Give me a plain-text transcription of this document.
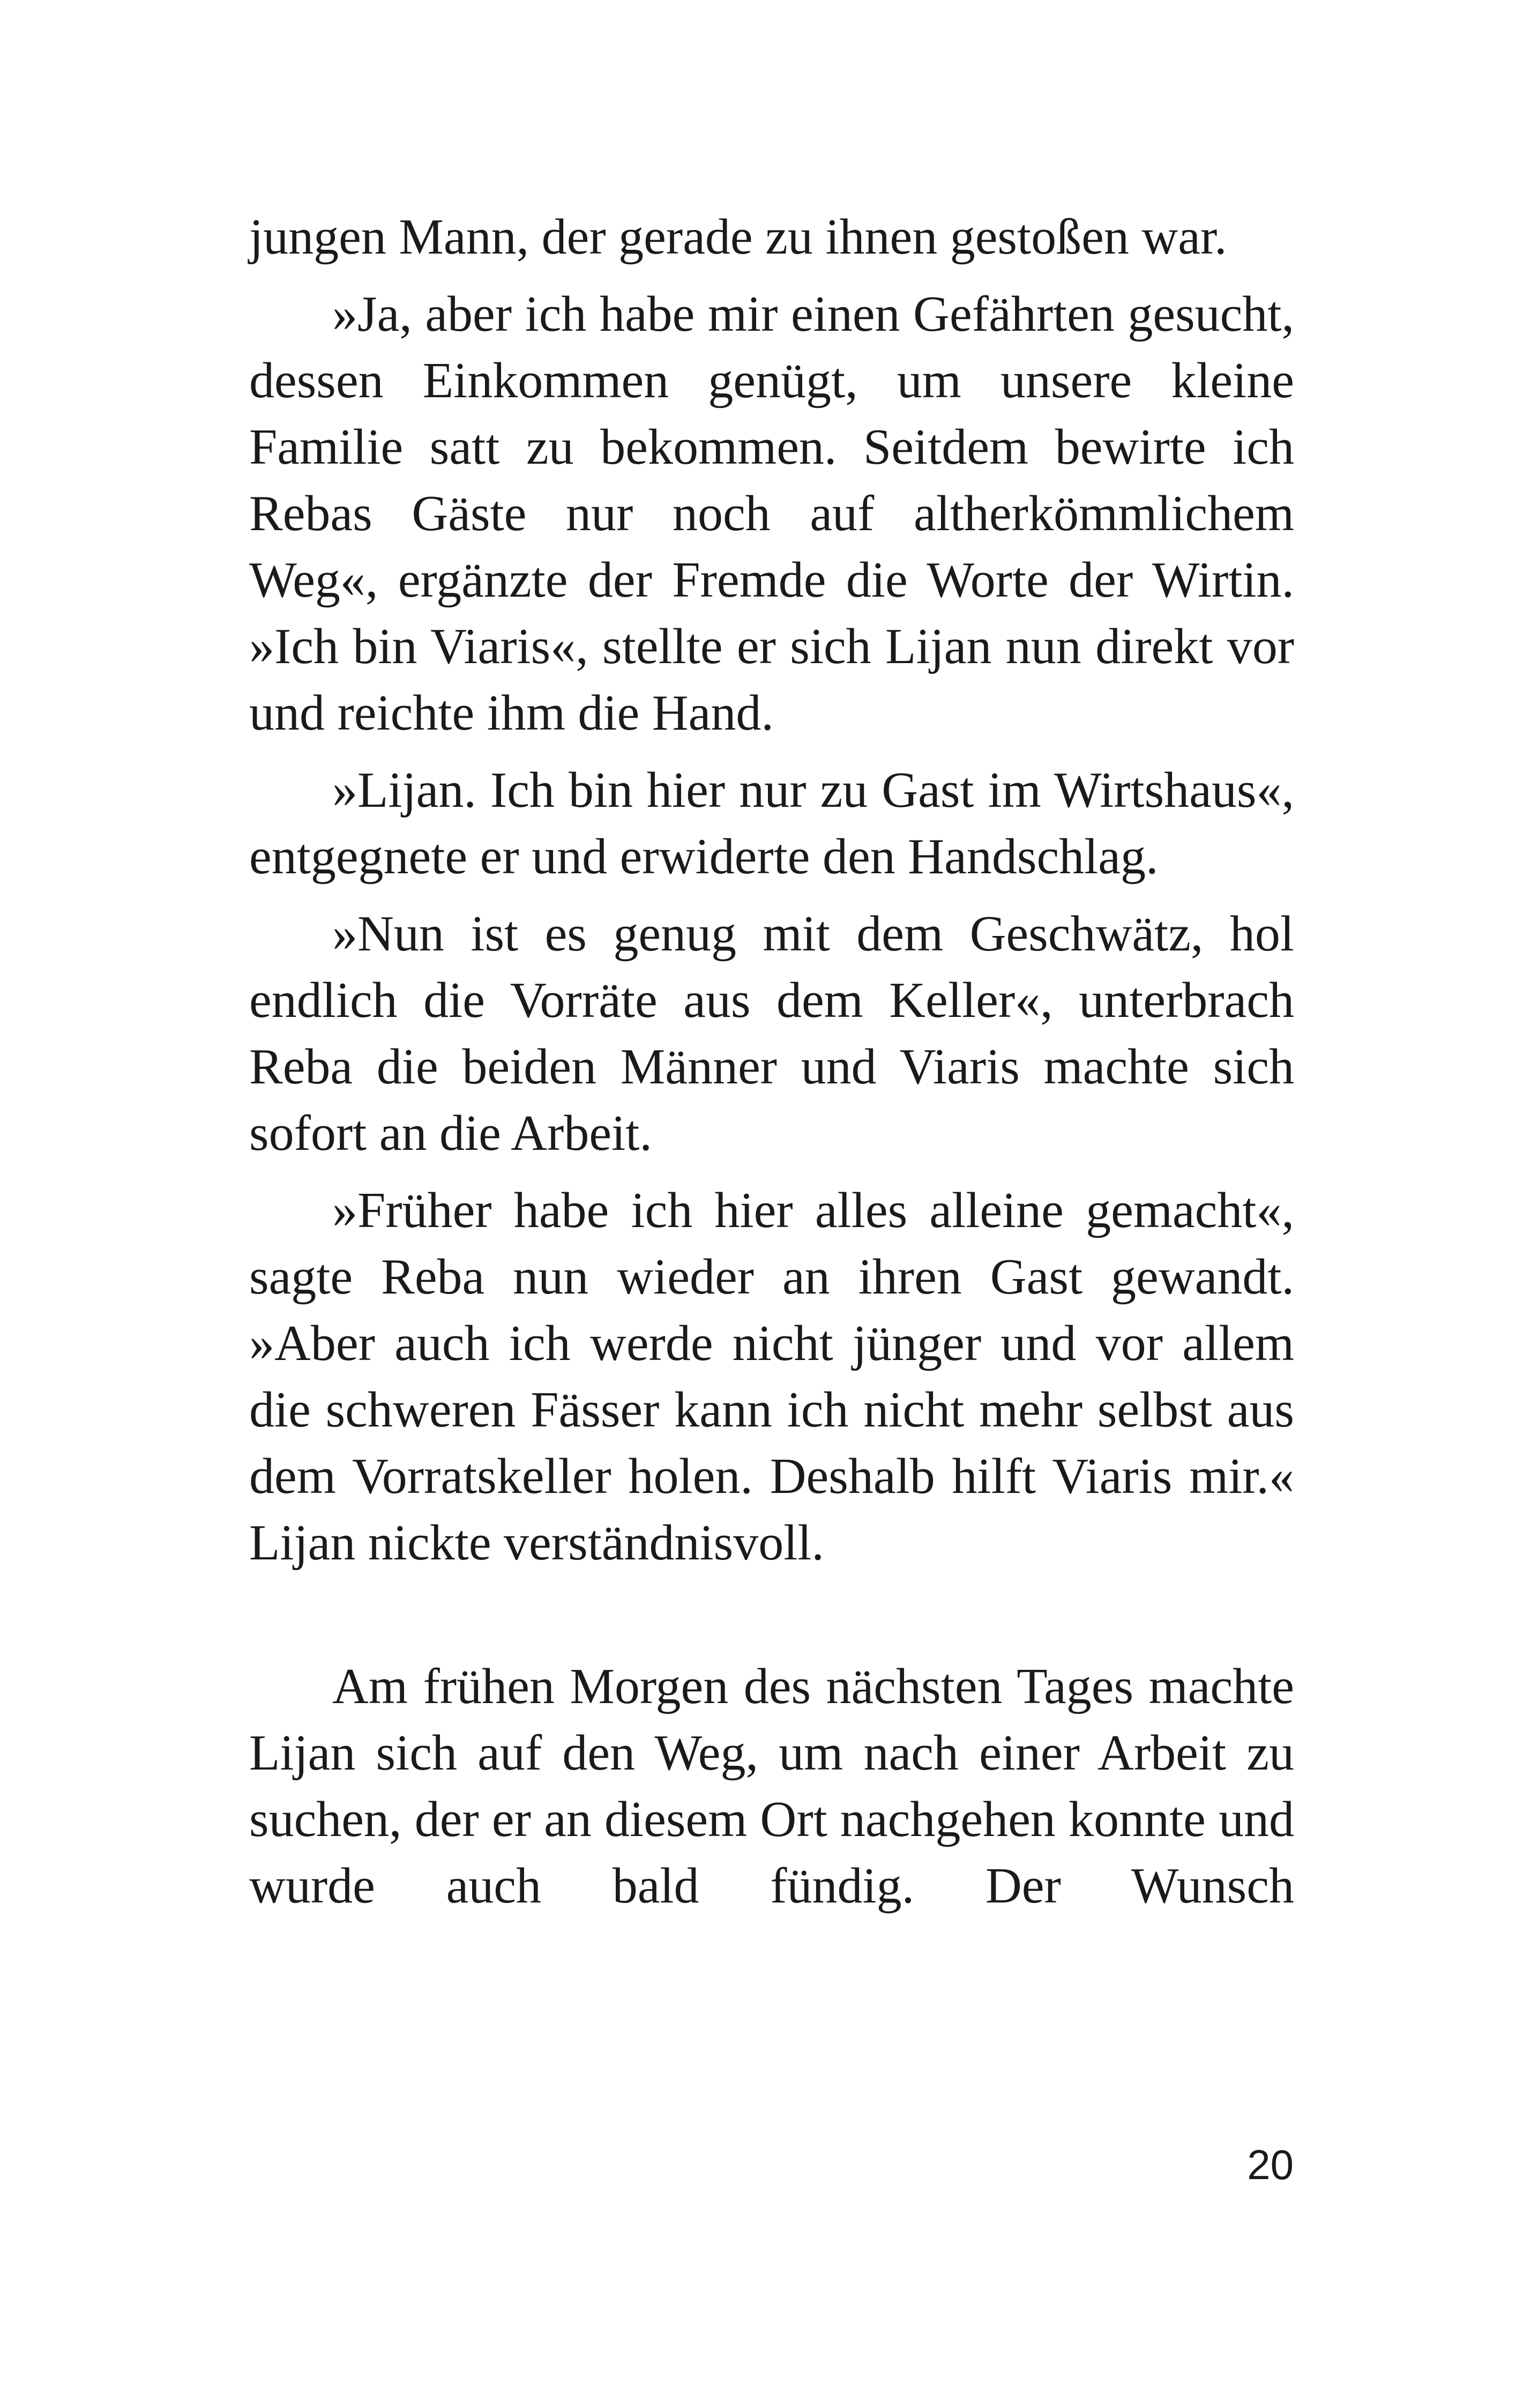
jungen Mann, der gerade zu ihnen gestoßen war.

»Ja, aber ich habe mir einen Gefährten gesucht, dessen Einkommen genügt, um unsere kleine Familie satt zu bekommen. Seitdem bewirte ich Rebas Gäste nur noch auf altherkömmlichem Weg«, ergänzte der Fremde die Worte der Wirtin. »Ich bin Viaris«, stellte er sich Lijan nun direkt vor und reichte ihm die Hand.

»Lijan. Ich bin hier nur zu Gast im Wirtshaus«, entgegnete er und erwiderte den Handschlag.

»Nun ist es genug mit dem Geschwätz, hol endlich die Vorräte aus dem Keller«, unterbrach Reba die beiden Männer und Viaris machte sich sofort an die Arbeit.

»Früher habe ich hier alles alleine gemacht«, sagte Reba nun wieder an ihren Gast gewandt. »Aber auch ich werde nicht jünger und vor allem die schweren Fässer kann ich nicht mehr selbst aus dem Vorratskeller holen. Deshalb hilft Viaris mir.« Lijan nickte verständnisvoll.

Am frühen Morgen des nächsten Tages machte Lijan sich auf den Weg, um nach einer Arbeit zu suchen, der er an diesem Ort nachgehen konnte und wurde auch bald fündig. Der Wunsch

20
